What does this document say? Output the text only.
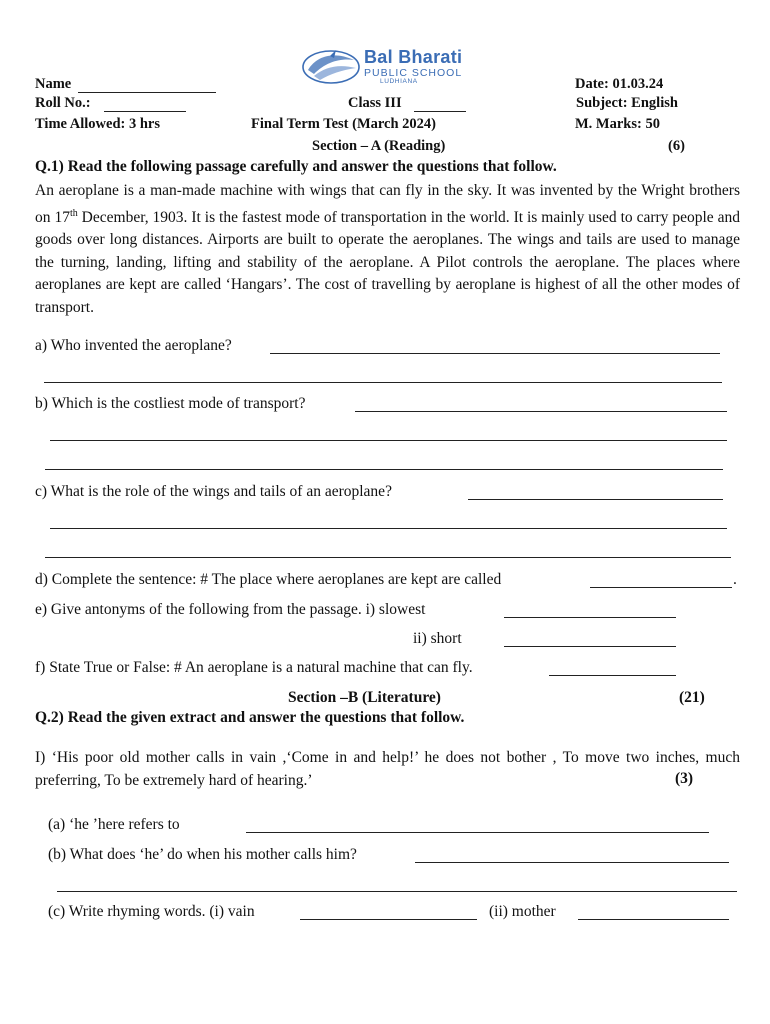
Bal Bharati
PUBLIC SCHOOL
LUDHIANA
Name	Date: 01.03.24
Roll No.:	Class III	Subject: English
Time Allowed: 3 hrs	Final Term Test (March 2024)	M. Marks: 50
Section – A (Reading)	(6)
Q.1) Read the following passage carefully and answer the questions that follow.
An aeroplane is a man-made machine with wings that can fly in the sky. It was invented by the Wright brothers on 17th December, 1903. It is the fastest mode of transportation in the world. It is mainly used to carry people and goods over long distances. Airports are built to operate the aeroplanes. The wings and tails are used to manage the turning, landing, lifting and stability of the aeroplane. A Pilot controls the aeroplane. The places where aeroplanes are kept are called ‘Hangars’. The cost of travelling by aeroplane is highest of all the other modes of transport.
a) Who invented the aeroplane?
b) Which is the costliest mode of transport?
c) What is the role of the wings and tails of an aeroplane?
d) Complete the sentence: # The place where aeroplanes are kept are called	.
e) Give antonyms of the following from the passage. i) slowest
ii) short
f) State True or False: # An aeroplane is a natural machine that can fly.
Section –B (Literature)	(21)
Q.2) Read the given extract and answer the questions that follow.
I) ‘His poor old mother calls in vain ,‘Come in and help!’ he does not bother , To move two inches, much preferring, To be extremely hard of hearing.’	(3)
(a) ‘he ’here refers to
(b) What does ‘he’ do when his mother calls him?
(c) Write rhyming words. (i) vain	(ii) mother
